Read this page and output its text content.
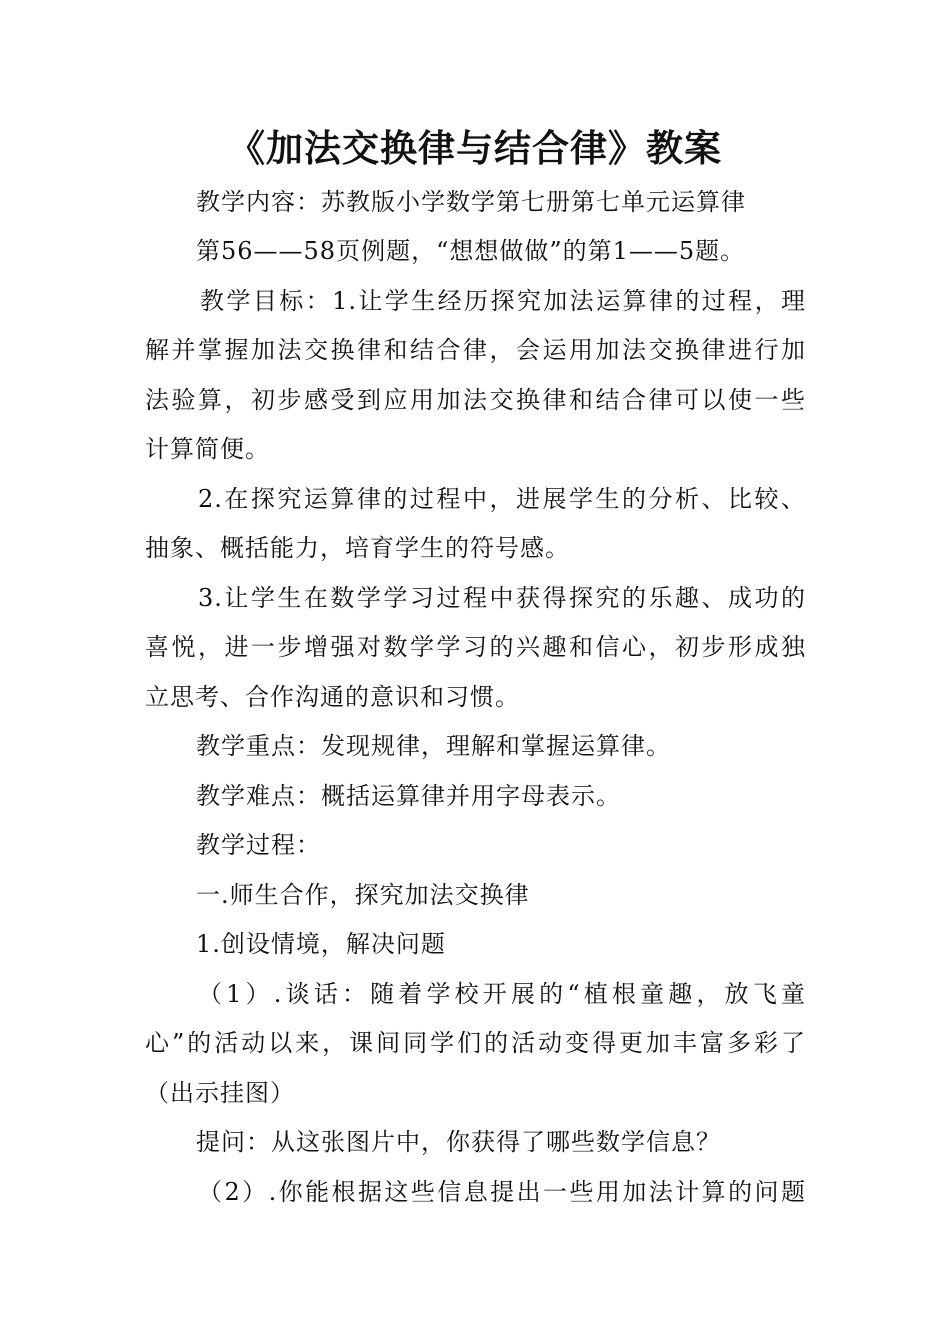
《加法交换律与结合律》教案
教学内容：苏教版小学数学第七册第七单元运算律
第56——58页例题，“想想做做”的第1——5题。
教学目标：1.让学生经历探究加法运算律的过程，理
解并掌握加法交换律和结合律，会运用加法交换律进行加
法验算，初步感受到应用加法交换律和结合律可以使一些
计算简便。
2.在探究运算律的过程中，进展学生的分析、比较、
抽象、概括能力，培育学生的符号感。
3.让学生在数学学习过程中获得探究的乐趣、成功的
喜悦，进一步增强对数学学习的兴趣和信心，初步形成独
立思考、合作沟通的意识和习惯。
教学重点：发现规律，理解和掌握运算律。
教学难点：概括运算律并用字母表示。
教学过程：
一.师生合作，探究加法交换律
1.创设情境，解决问题
（1）.谈话：随着学校开展的“植根童趣，放飞童
心”的活动以来，课间同学们的活动变得更加丰富多彩了
（出示挂图）
提问：从这张图片中，你获得了哪些数学信息？
（2）.你能根据这些信息提出一些用加法计算的问题
